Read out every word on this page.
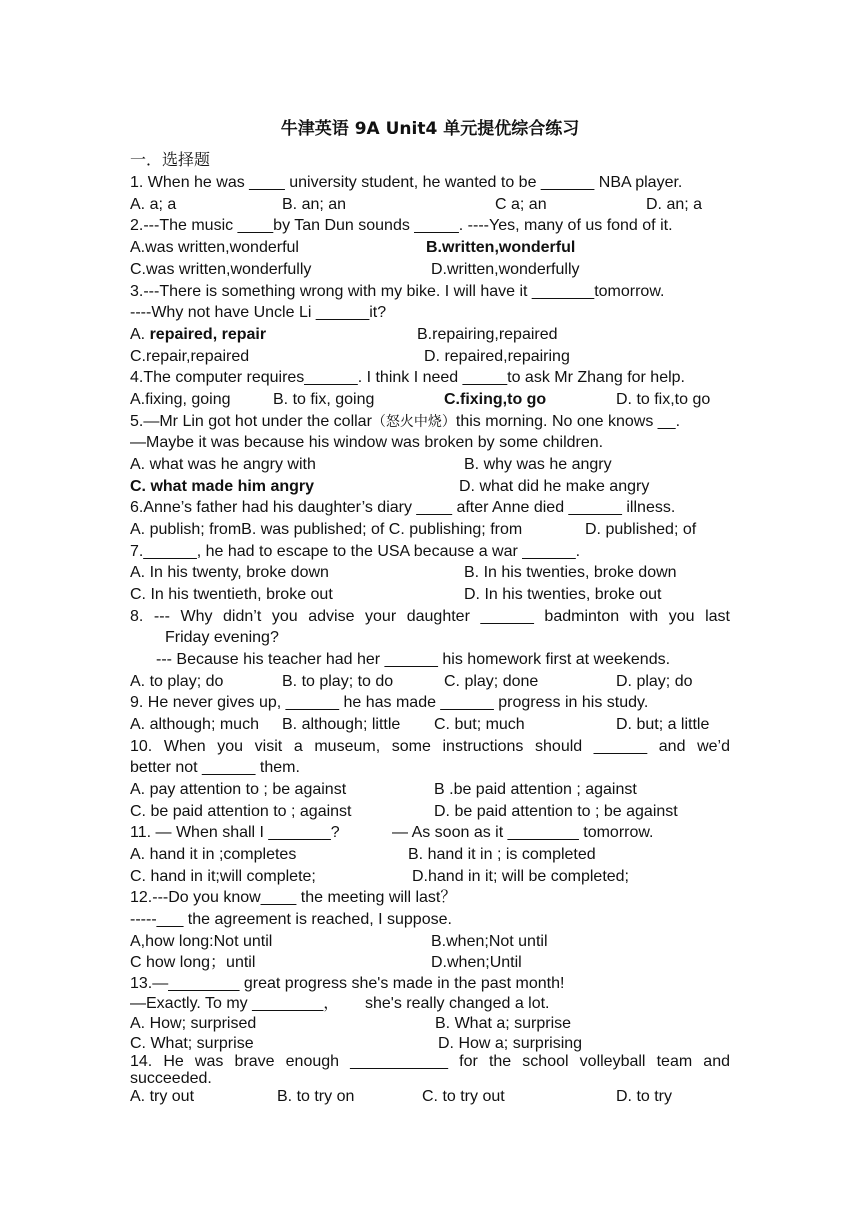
牛津英语 9A Unit4 单元提优综合练习
一．选择题
1. When he was ____ university student, he wanted to be ______ NBA player.
A. a; a	B. an; an	C a; an	D. an; a
2.---The music ____by Tan Dun sounds _____. ----Yes, many of us fond of it.
A.was written,wonderful	B.written,wonderful
C.was written,wonderfully	D.written,wonderfully
3.---There is something wrong with my bike. I will have it _______tomorrow.
----Why not have Uncle Li ______it?
A. repaired, repair	B.repairing,repaired
C.repair,repaired	D. repaired,repairing
4.The computer requires______. I think I need _____to ask Mr Zhang for help.
A.fixing, going	B. to fix, going	C.fixing,to go	D. to fix,to go
5.—Mr Lin got hot under the collar（怒火中烧）this morning. No one knows __.
—Maybe it was because his window was broken by some children.
A. what was he angry with	B. why was he angry
C. what made him angry	D. what did he make angry
6.Anne’s father had his daughter’s diary ____ after Anne died ______ illness.
A. publish; fromB. was published; of C. publishing; from	D. published; of
7.______, he had to escape to the USA because a war ______.
A. In his twenty, broke down	B. In his twenties, broke down
C. In his twentieth, broke out	D. In his twenties, broke out
8. --- Why didn’t you advise your daughter ______ badminton with you last
Friday evening?
--- Because his teacher had her ______ his homework first at weekends.
A. to play; do	B. to play; to do	C. play; done	D. play; do
9. He never gives up, ______ he has made ______ progress in his study.
A. although; much B. although; little C. but; much	D. but; a little
10. When you visit a museum, some instructions should ______ and we’d
better not ______ them.
A. pay attention to ; be against	B .be paid attention ; against
C. be paid attention to ; against	D. be paid attention to ; be against
11. — When shall I _______?	— As soon as it ________ tomorrow.
A. hand it in ;completes	B. hand it in ; is completed
C. hand in it;will complete;	D.hand in it; will be completed;
12.---Do you know____ the meeting will last？
-----___ the agreement is reached, I suppose.
A,how long:Not until	B.when;Not until
C how long；until	D.when;Until
13.—________ great progress she's made in the past month!
—Exactly. To my ________， she's really changed a lot.
A. How; surprised	B. What a; surprise
C. What; surprise	D. How a; surprising
14. He was brave enough ___________ for the school volleyball team and
succeeded.
A. try out	B. to try on	C. to try out	D. to try
